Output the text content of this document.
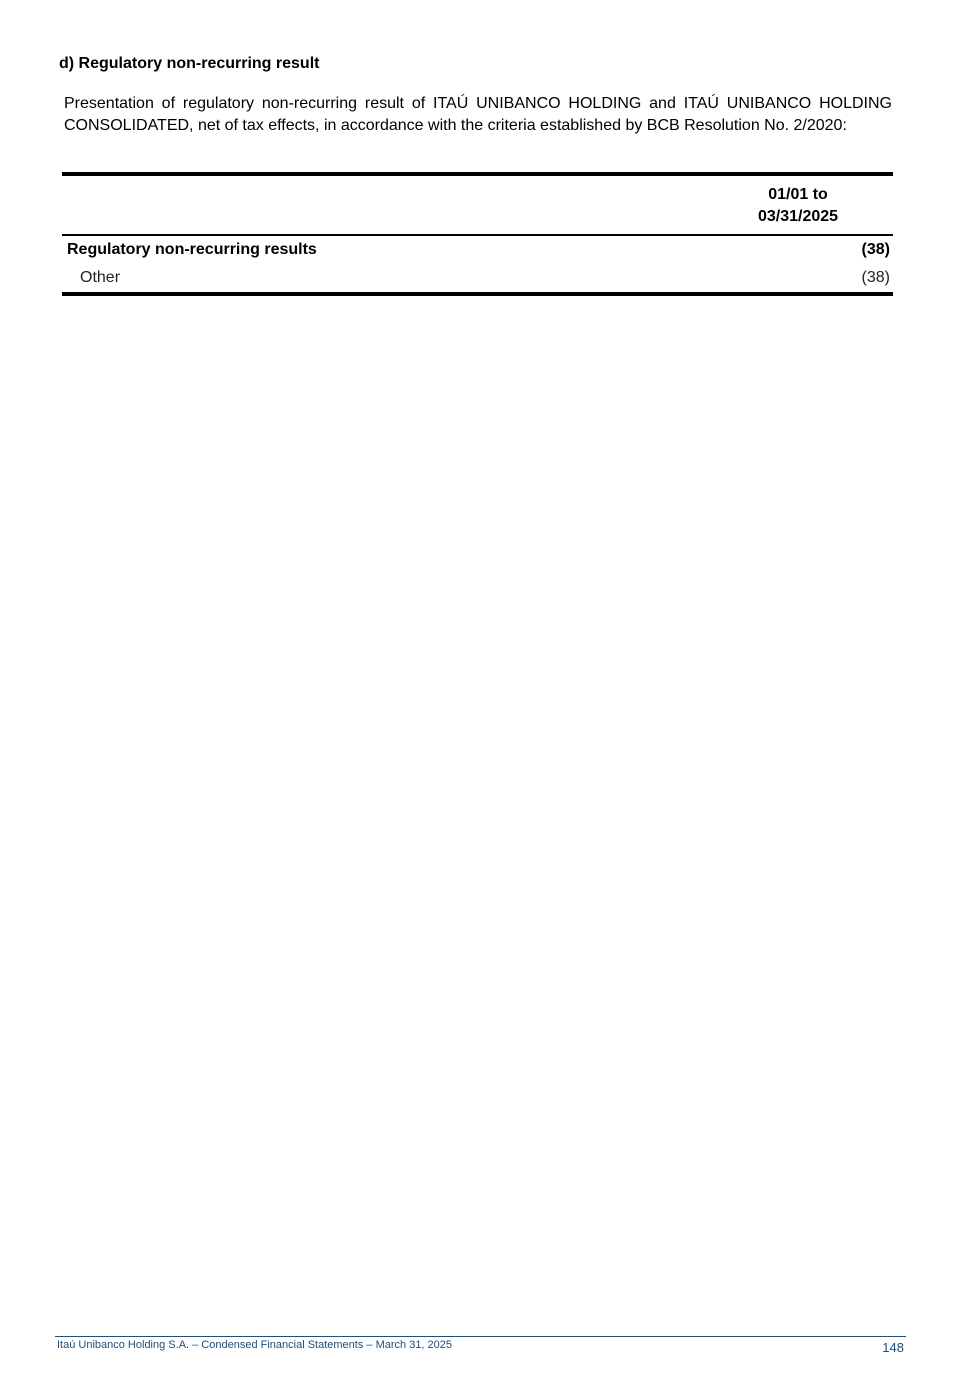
d) Regulatory non-recurring result

Presentation of regulatory non-recurring result of ITAÚ UNIBANCO HOLDING and ITAÚ UNIBANCO HOLDING CONSOLIDATED, net of tax effects, in accordance with the criteria established by BCB Resolution No. 2/2020:

	01/01 to
03/31/2025
Regulatory non-recurring results	(38)
Other	(38)
Itaú Unibanco Holding S.A. – Condensed Financial Statements – March 31, 2025	148
